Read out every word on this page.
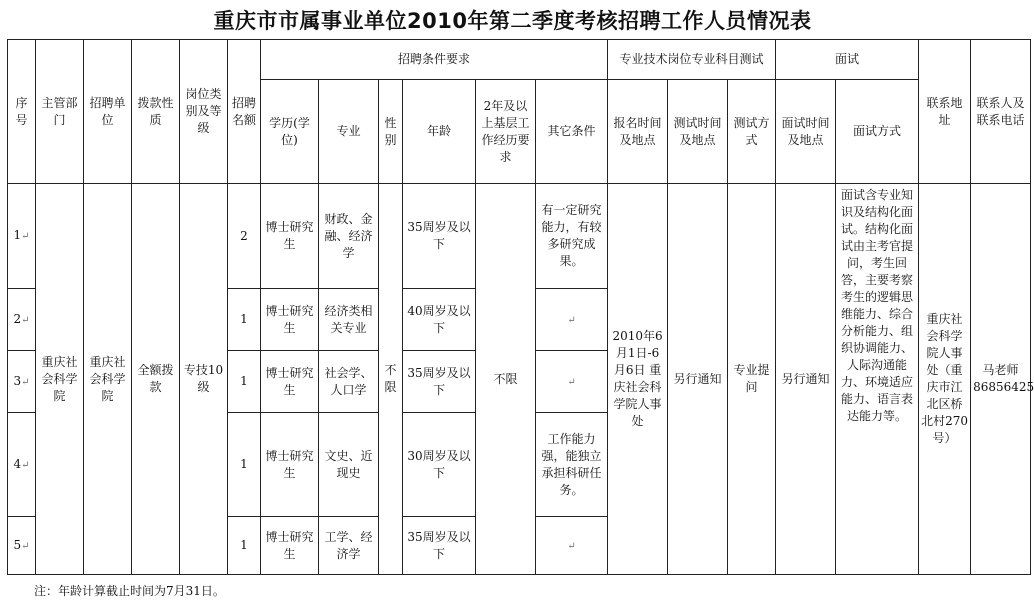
重庆市市属事业单位2010年第二季度考核招聘工作人员情况表
序号	主管部门	招聘单位	拨款性质	岗位类别及等级	招聘名额	招聘条件要求						专业技术岗位专业科目测试			面试		联系地址	联系人及联系电话
						学历(学位)	专业	性别	年龄	2年及以上基层工作经历要求	其它条件	报名时间及地点	测试时间及地点	测试方式	面试时间及地点	面试方式		
1↵	重庆社会科学院	重庆社会科学院	全额拨款	专技10级	2	博士研究生	财政、金融、经济学	不限	35周岁及以下	不限	有一定研究能力，有较多研究成果。	2010年6月1日-6月6日 重庆社会科学院人事处	另行通知	专业提问	另行通知	面试含专业知识及结构化面试。结构化面试由主考官提问，考生回答，主要考察考生的逻辑思维能力、综合分析能力、组织协调能力、人际沟通能力、环境适应能力、语言表达能力等。	重庆社会科学院人事处（重庆市江北区桥北村270号）	马老师 86856425
2↵					1	博士研究生	经济类相关专业		40周岁及以下		↵							
3↵					1	博士研究生	社会学、人口学		35周岁及以下		↵							
4↵					1	博士研究生	文史、近现史		30周岁及以下		工作能力强，能独立承担科研任务。							
5↵					1	博士研究生	工学、经济学		35周岁及以下		↵							
注：年龄计算截止时间为7月31日。
